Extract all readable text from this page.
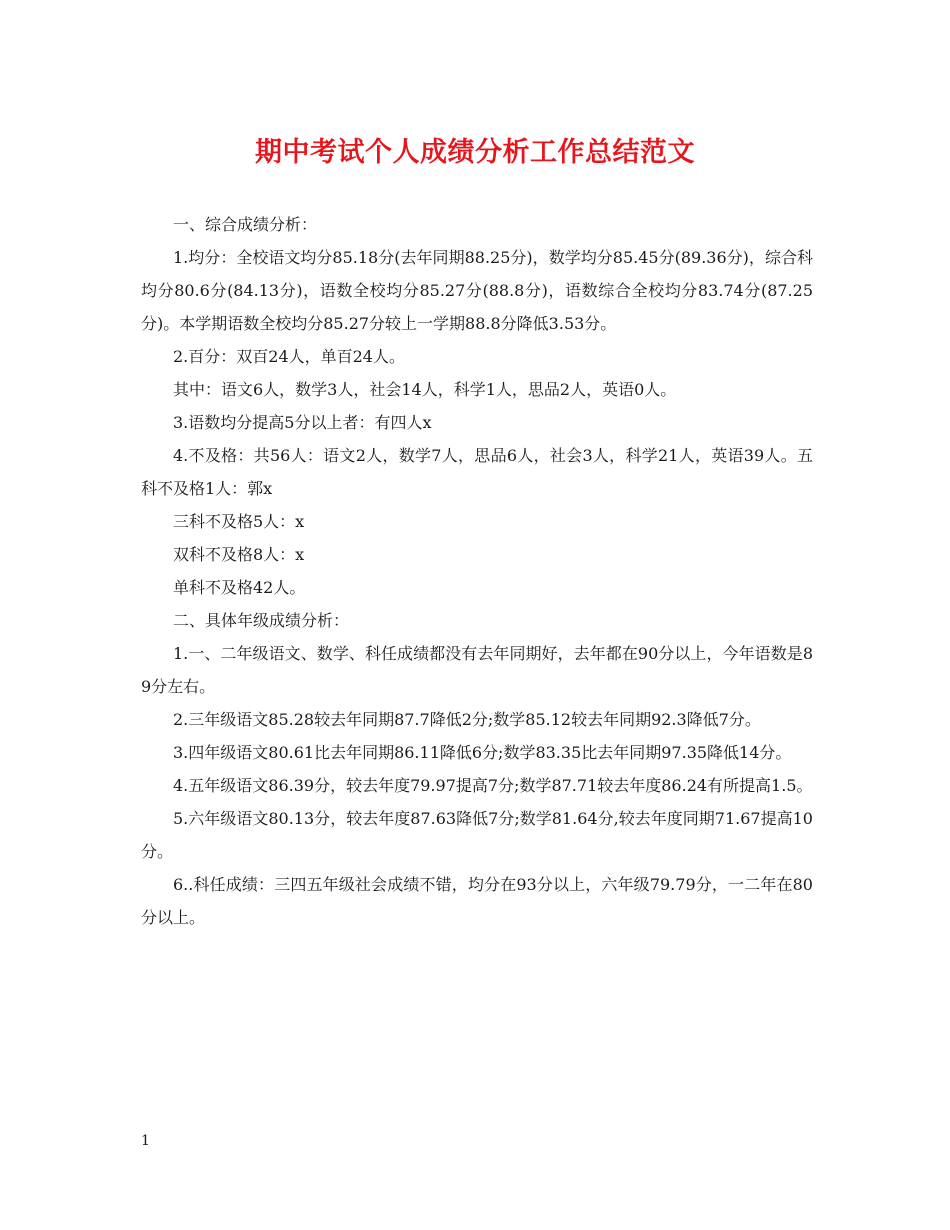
期中考试个人成绩分析工作总结范文

一、综合成绩分析：

1.均分：全校语文均分85.18分(去年同期88.25分)，数学均分85.45分(89.36分)，综合科均分80.6分(84.13分)，语数全校均分85.27分(88.8分)，语数综合全校均分83.74分(87.25分)。本学期语数全校均分85.27分较上一学期88.8分降低3.53分。

2.百分：双百24人，单百24人。

其中：语文6人，数学3人，社会14人，科学1人，思品2人，英语0人。

3.语数均分提高5分以上者：有四人x

4.不及格：共56人：语文2人，数学7人，思品6人，社会3人，科学21人，英语39人。五科不及格1人：郭x

三科不及格5人：x

双科不及格8人：x

单科不及格42人。

二、具体年级成绩分析：

1.一、二年级语文、数学、科任成绩都没有去年同期好，去年都在90分以上，今年语数是89分左右。

2.三年级语文85.28较去年同期87.7降低2分;数学85.12较去年同期92.3降低7分。

3.四年级语文80.61比去年同期86.11降低6分;数学83.35比去年同期97.35降低14分。

4.五年级语文86.39分，较去年度79.97提高7分;数学87.71较去年度86.24有所提高1.5。

5.六年级语文80.13分，较去年度87.63降低7分;数学81.64分,较去年度同期71.67提高10分。

6..科任成绩：三四五年级社会成绩不错，均分在93分以上，六年级79.79分，一二年在80分以上。

1
